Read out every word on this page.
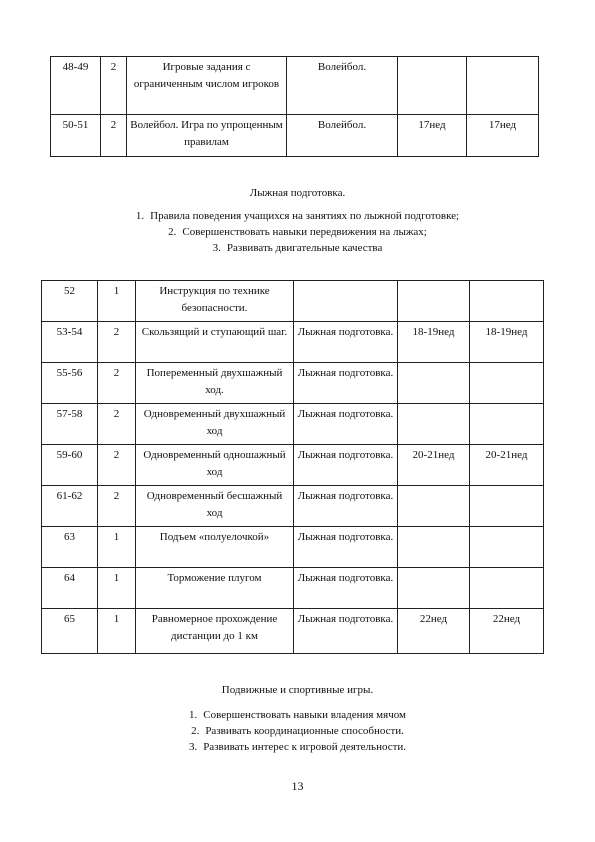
48-49	2	Игровые задания с ограниченным числом игроков	Волейбол.		
50-51	2	Волейбол. Игра по упрощенным правилам	Волейбол.	17нед	17нед
Лыжная подготовка.
1. Правила поведения учащихся на занятиях по лыжной подготовке;
2. Совершенствовать навыки передвижения на лыжах;
3. Развивать двигательные качества
52	1	Инструкция по технике безопасности.			
53-54	2	Скользящий и ступающий шаг.	Лыжная подготовка.	18-19нед	18-19нед
55-56	2	Попеременный двухшажный ход.	Лыжная подготовка.		
57-58	2	Одновременный двухшажный ход	Лыжная подготовка.		
59-60	2	Одновременный одношажный ход	Лыжная подготовка.	20-21нед	20-21нед
61-62	2	Одновременный бесшажный ход	Лыжная подготовка.		
63	1	Подъем «полуелочкой»	Лыжная подготовка.		
64	1	Торможение плугом	Лыжная подготовка.		
65	1	Равномерное прохождение дистанции до 1 км	Лыжная подготовка.	22нед	22нед
Подвижные и спортивные игры.
1. Совершенствовать навыки владения мячом
2. Развивать координационные способности.
3. Развивать интерес к игровой деятельности.
13
